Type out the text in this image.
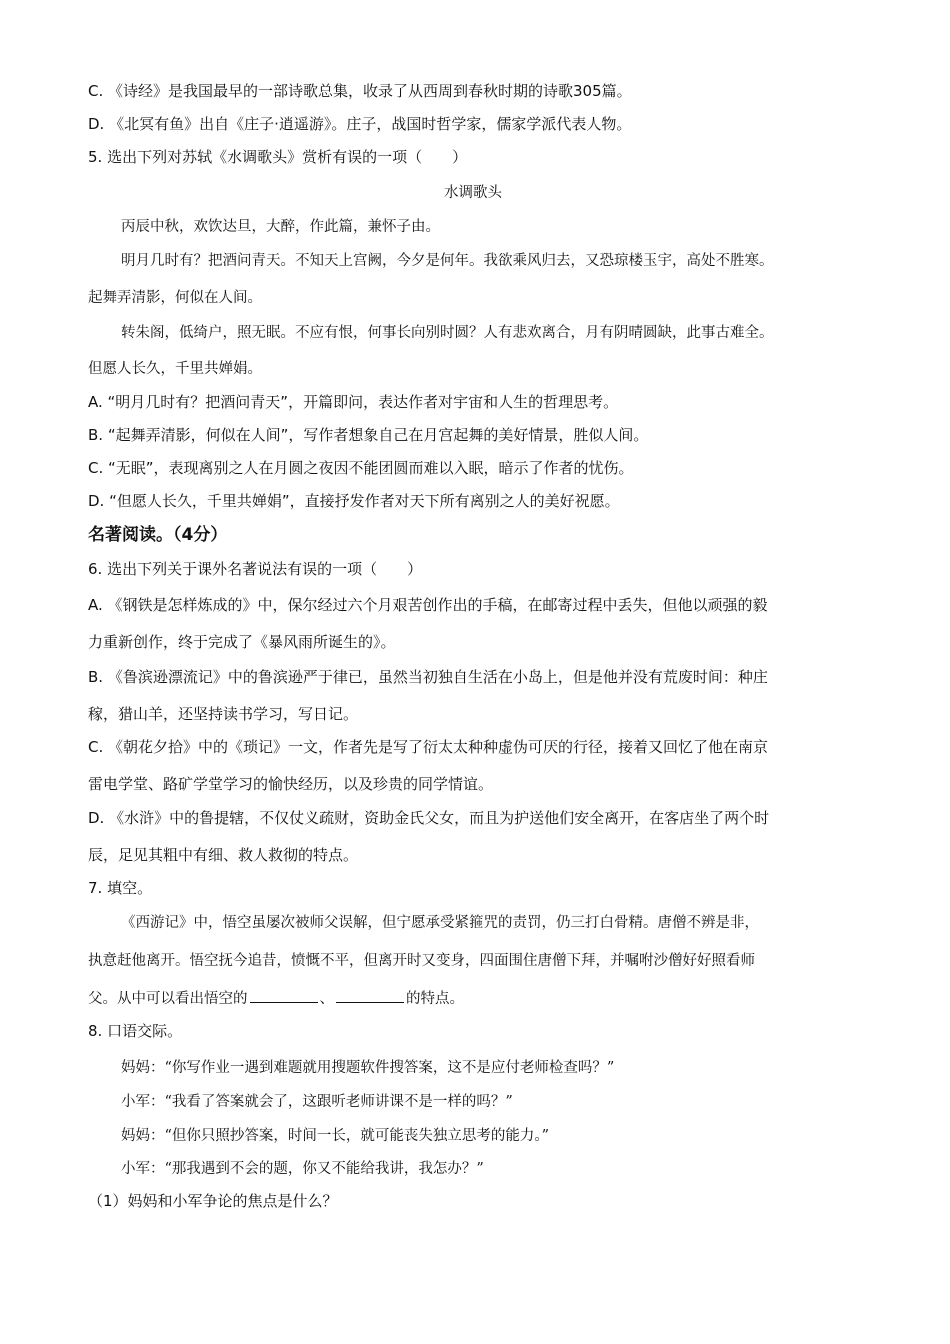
C. 《诗经》是我国最早的一部诗歌总集，收录了从西周到春秋时期的诗歌305篇。
D. 《北冥有鱼》出自《庄子·逍遥游》。庄子，战国时哲学家，儒家学派代表人物。
5. 选出下列对苏轼《水调歌头》赏析有误的一项（　　）
水调歌头
丙辰中秋，欢饮达旦，大醉，作此篇，兼怀子由。
明月几时有？把酒问青天。不知天上宫阙，今夕是何年。我欲乘风归去，又恐琼楼玉宇，高处不胜寒。
起舞弄清影，何似在人间。
转朱阁，低绮户，照无眠。不应有恨，何事长向别时圆？人有悲欢离合，月有阴晴圆缺，此事古难全。
但愿人长久，千里共婵娟。
A. “明月几时有？把酒问青天”，开篇即问，表达作者对宇宙和人生的哲理思考。
B. “起舞弄清影，何似在人间”，写作者想象自己在月宫起舞的美好情景，胜似人间。
C. “无眠”，表现离别之人在月圆之夜因不能团圆而难以入眠，暗示了作者的忧伤。
D. “但愿人长久，千里共婵娟”，直接抒发作者对天下所有离别之人的美好祝愿。
名著阅读。（4分）
6. 选出下列关于课外名著说法有误的一项（　　）
A. 《钢铁是怎样炼成的》中，保尔经过六个月艰苦创作出的手稿，在邮寄过程中丢失，但他以顽强的毅
力重新创作，终于完成了《暴风雨所诞生的》。
B. 《鲁滨逊漂流记》中的鲁滨逊严于律已，虽然当初独自生活在小岛上，但是他并没有荒废时间：种庄
稼，猎山羊，还坚持读书学习，写日记。
C. 《朝花夕拾》中的《琐记》一文，作者先是写了衍太太种种虚伪可厌的行径，接着又回忆了他在南京
雷电学堂、路矿学堂学习的愉快经历，以及珍贵的同学情谊。
D. 《水浒》中的鲁提辖，不仅仗义疏财，资助金氏父女，而且为护送他们安全离开，在客店坐了两个时
辰，足见其粗中有细、救人救彻的特点。
7. 填空。
《西游记》中，悟空虽屡次被师父误解，但宁愿承受紧箍咒的责罚，仍三打白骨精。唐僧不辨是非，
执意赶他离开。悟空抚今追昔，愤慨不平，但离开时又变身，四面围住唐僧下拜，并嘱咐沙僧好好照看师
父。从中可以看出悟空的	、	的特点。
8. 口语交际。
妈妈：“你写作业一遇到难题就用搜题软件搜答案，这不是应付老师检查吗？”
小军：“我看了答案就会了，这跟听老师讲课不是一样的吗？”
妈妈：“但你只照抄答案，时间一长，就可能丧失独立思考的能力。”
小军：“那我遇到不会的题，你又不能给我讲，我怎办？”
（1）妈妈和小军争论的焦点是什么？
